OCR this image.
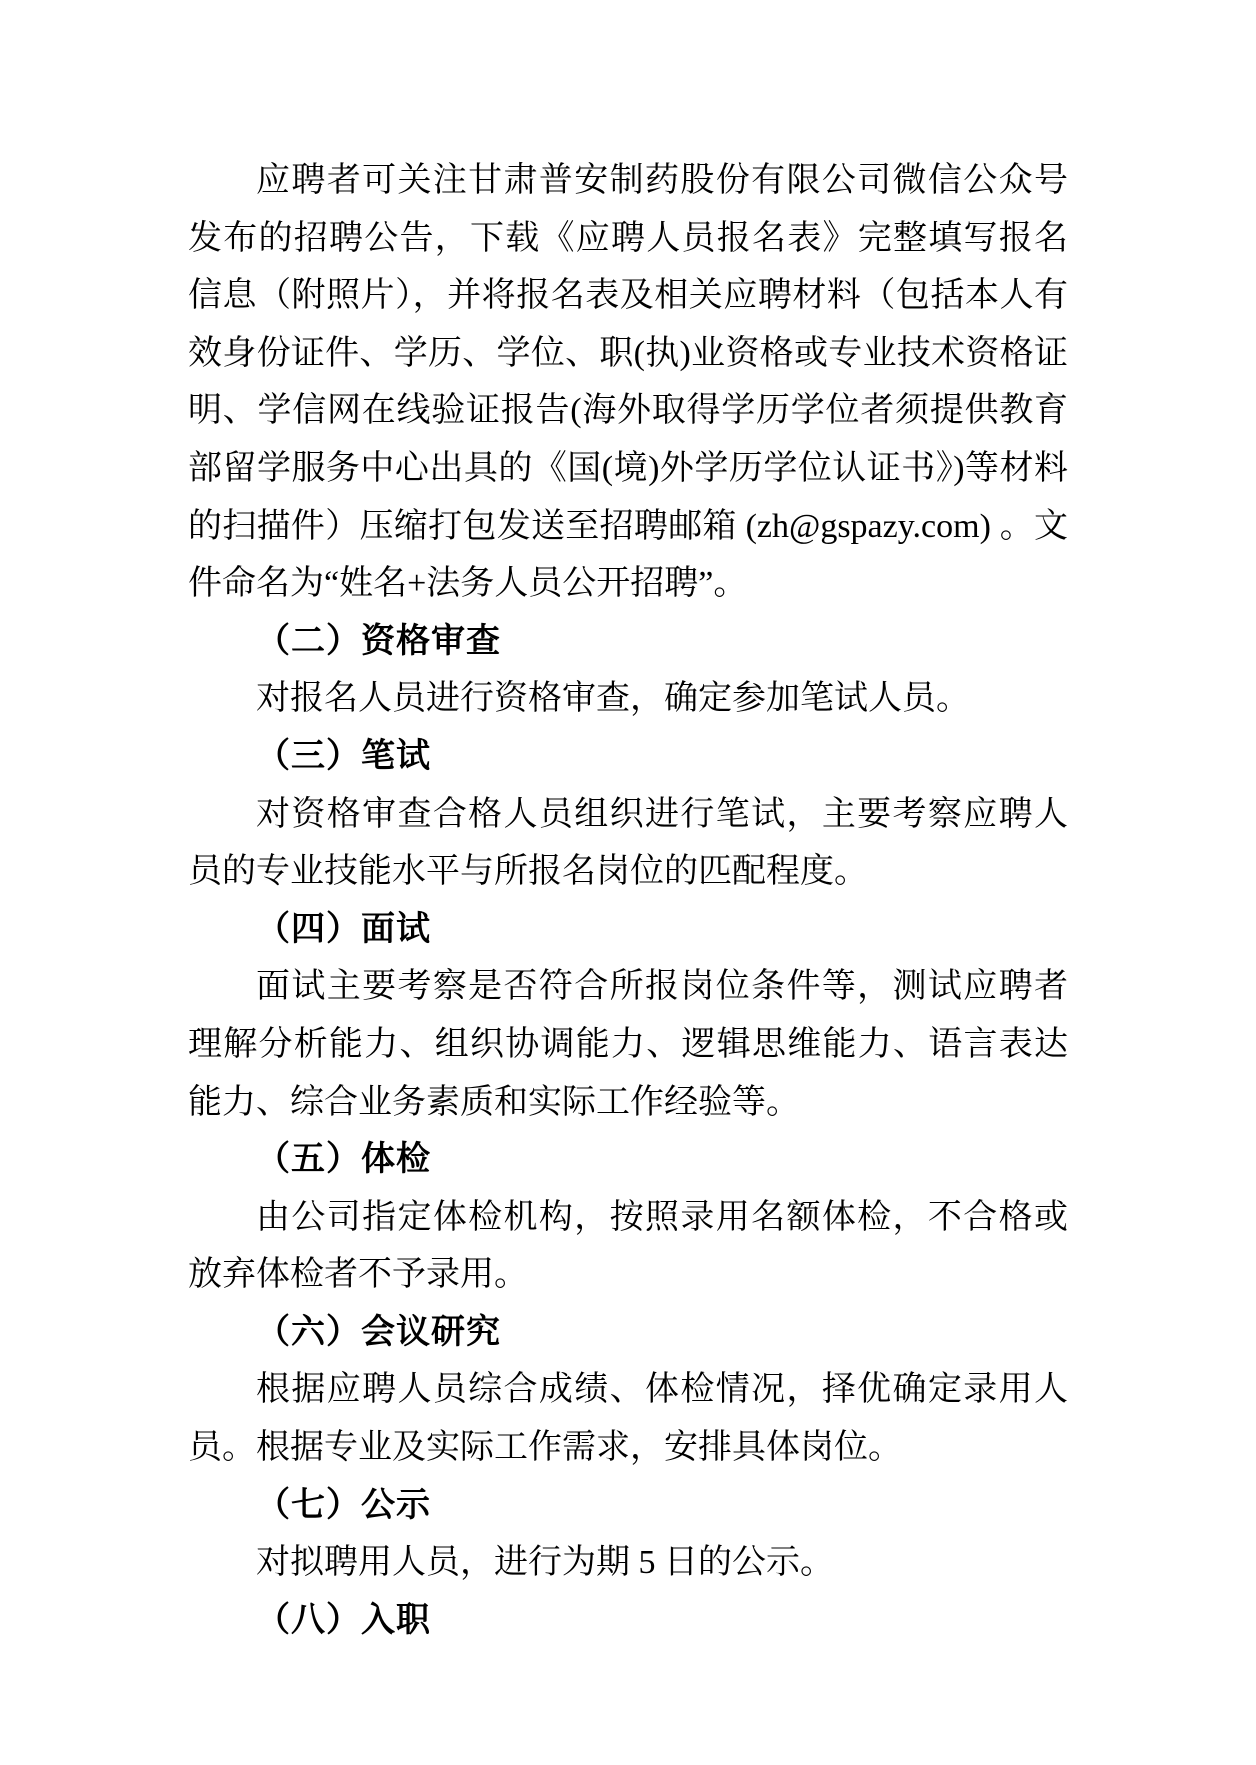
应聘者可关注甘肃普安制药股份有限公司微信公众号发布的招聘公告，下载《应聘人员报名表》完整填写报名信息（附照片），并将报名表及相关应聘材料（包括本人有效身份证件、学历、学位、职(执)业资格或专业技术资格证明、学信网在线验证报告(海外取得学历学位者须提供教育部留学服务中心出具的《国(境)外学历学位认证书》)等材料的扫描件）压缩打包发送至招聘邮箱 (zh@gspazy.com) 。文件命名为“姓名+法务人员公开招聘”。

（二）资格审查

对报名人员进行资格审查，确定参加笔试人员。

（三）笔试

对资格审查合格人员组织进行笔试，主要考察应聘人员的专业技能水平与所报名岗位的匹配程度。

（四）面试

面试主要考察是否符合所报岗位条件等，测试应聘者理解分析能力、组织协调能力、逻辑思维能力、语言表达能力、综合业务素质和实际工作经验等。

（五）体检

由公司指定体检机构，按照录用名额体检，不合格或放弃体检者不予录用。

（六）会议研究

根据应聘人员综合成绩、体检情况，择优确定录用人员。根据专业及实际工作需求，安排具体岗位。

（七）公示

对拟聘用人员，进行为期 5 日的公示。

（八）入职
